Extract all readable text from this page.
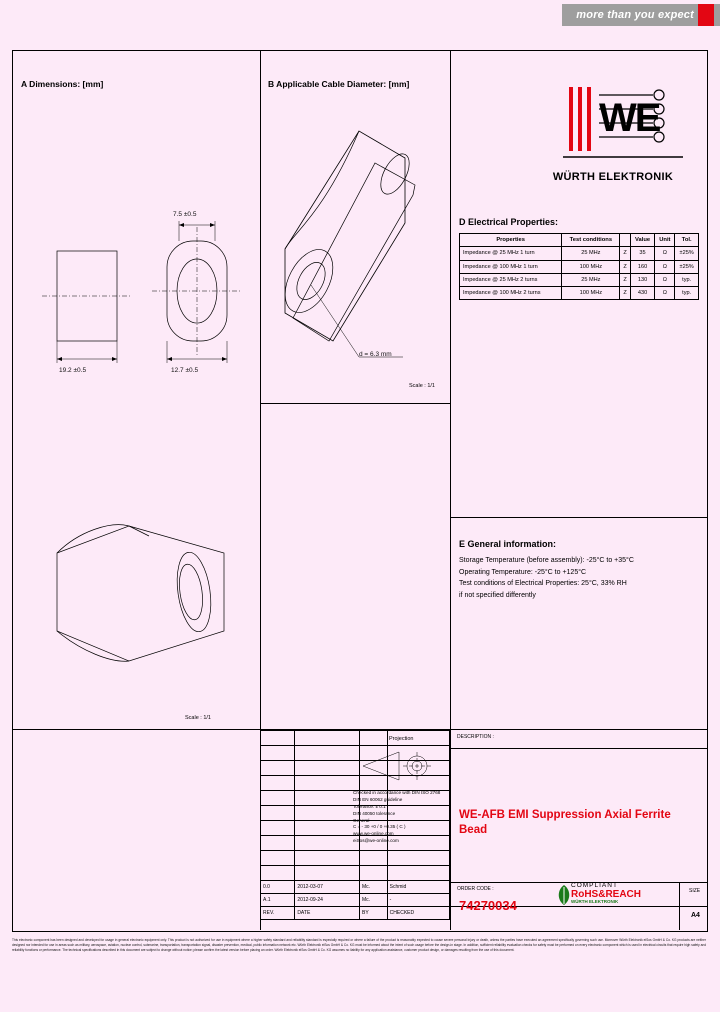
more than you expect
A Dimensions: [mm]	B Applicable Cable Diameter: [mm]
D Electrical Properties:
E General information:
WE
WÜRTH ELEKTRONIK
19.2 ±0.5	12.7 ±0.5
7.5 ±0.5
Scale : 1/1
d = 6.3 mm
Scale : 1/1
Properties	Test conditions		Value	Unit	Tol.
Impedance @ 25 MHz 1 turn	25 MHz	Z	35	Ω	±25%
Impedance @ 100 MHz 1 turn	100 MHz	Z	160	Ω	±25%
Impedance @ 25 MHz 2 turns	25 MHz	Z	130	Ω	typ.
Impedance @ 100 MHz 2 turns	100 MHz	Z	430	Ω	typ.
Storage Temperature (before assembly): -25°C to +35°C
Operating Temperature: -25°C to +125°C
Test conditions of Electrical Properties: 25°C, 33% RH
if not specified differently

0.0	2012-03-07	Mc.	Schmid
A.1	2012-09-24	Mc.	-
REV.	DATE	BY	CHECKED
Projection
Checked in accordance with DIN ISO 2768
DIN EN 60062 guideline
Tolerance: ± 0.1
DIN 40050 tolerance
General
C = - 30 +0 / 0 +0.35 ( C )
www.we-online.com
eiSos@we-online.com
DESCRIPTION :
WE-AFB EMI Suppression Axial Ferrite Bead
ORDER CODE :
74270034
SIZE
A4
COMPLIANT
RoHS&REACH
WÜRTH ELEKTRONIK
This electronic component has been designed and developed for usage in general electronic equipment only. This product is not authorized for use in equipment where a higher safety standard and reliability standard is especially required or where a failure of the product is reasonably expected to cause severe personal injury or death, unless the parties have executed an agreement specifically governing such use. Moreover Würth Elektronik eiSos GmbH & Co. KG products are neither designed nor intended for use in areas such as military, aerospace, aviation, nuclear control, submarine, transportation, transportation signal, disaster prevention, medical, public information network etc. Würth Elektronik eiSos GmbH & Co. KG must be informed about the intent of such usage before the design-in stage. In addition, sufficient reliability evaluation checks for safety must be performed on every electronic component which is used in electrical circuits that require high safety and reliability functions or performance. The technical specifications described in this document are subject to change without notice; please confirm the latest version before placing an order. Würth Elektronik eiSos GmbH & Co. KG assumes no liability for any application assistance, customer product design, or damages resulting from the use of this document.
